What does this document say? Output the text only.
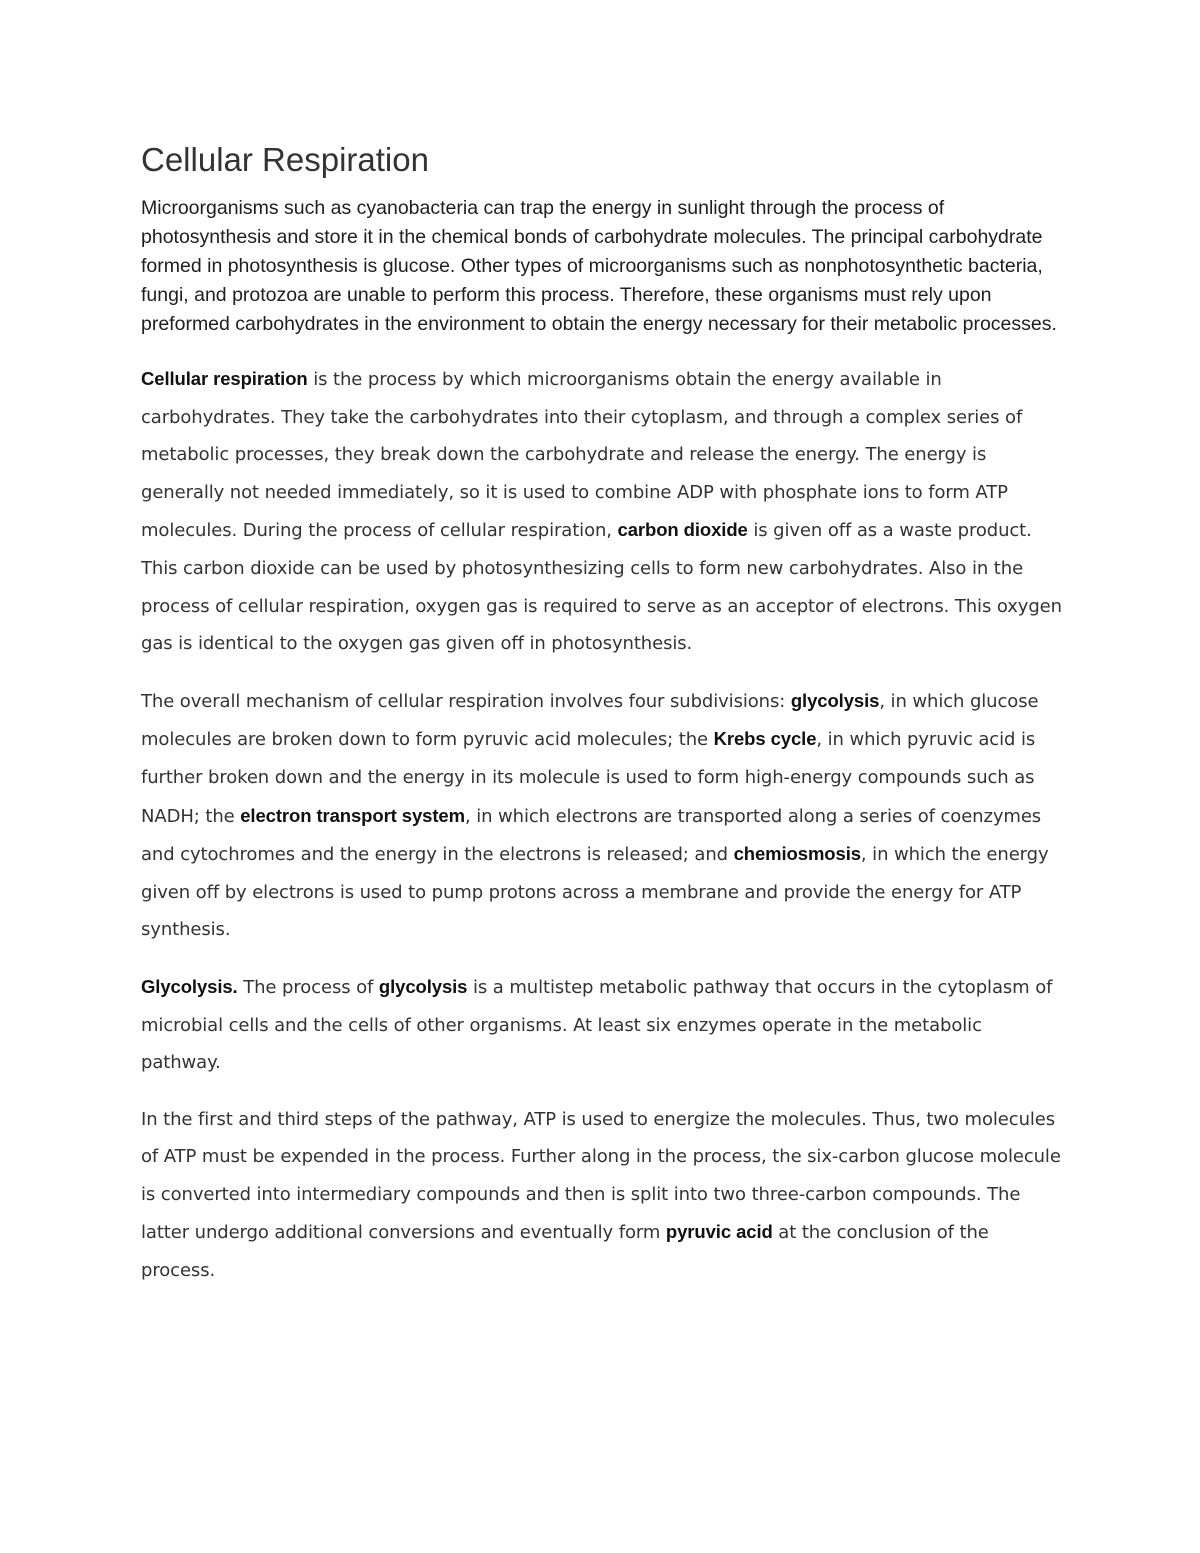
Cellular Respiration

Microorganisms such as cyanobacteria can trap the energy in sunlight through the process of photosynthesis and store it in the chemical bonds of carbohydrate molecules. The principal carbohydrate formed in photosynthesis is glucose. Other types of microorganisms such as nonphotosynthetic bacteria, fungi, and protozoa are unable to perform this process. Therefore, these organisms must rely upon preformed carbohydrates in the environment to obtain the energy necessary for their metabolic processes.

Cellular respiration is the process by which microorganisms obtain the energy available in carbohydrates. They take the carbohydrates into their cytoplasm, and through a complex series of metabolic processes, they break down the carbohydrate and release the energy. The energy is generally not needed immediately, so it is used to combine ADP with phosphate ions to form ATP molecules. During the process of cellular respiration, carbon dioxide is given off as a waste product. This carbon dioxide can be used by photosynthesizing cells to form new carbohydrates. Also in the process of cellular respiration, oxygen gas is required to serve as an acceptor of electrons. This oxygen gas is identical to the oxygen gas given off in photosynthesis.

The overall mechanism of cellular respiration involves four subdivisions: glycolysis, in which glucose molecules are broken down to form pyruvic acid molecules; the Krebs cycle, in which pyruvic acid is further broken down and the energy in its molecule is used to form high-energy compounds such as NADH; the electron transport system, in which electrons are transported along a series of coenzymes and cytochromes and the energy in the electrons is released; and chemiosmosis, in which the energy given off by electrons is used to pump protons across a membrane and provide the energy for ATP synthesis.

Glycolysis. The process of glycolysis is a multistep metabolic pathway that occurs in the cytoplasm of microbial cells and the cells of other organisms. At least six enzymes operate in the metabolic pathway.

In the first and third steps of the pathway, ATP is used to energize the molecules. Thus, two molecules of ATP must be expended in the process. Further along in the process, the six-carbon glucose molecule is converted into intermediary compounds and then is split into two three-carbon compounds. The latter undergo additional conversions and eventually form pyruvic acid at the conclusion of the process.
